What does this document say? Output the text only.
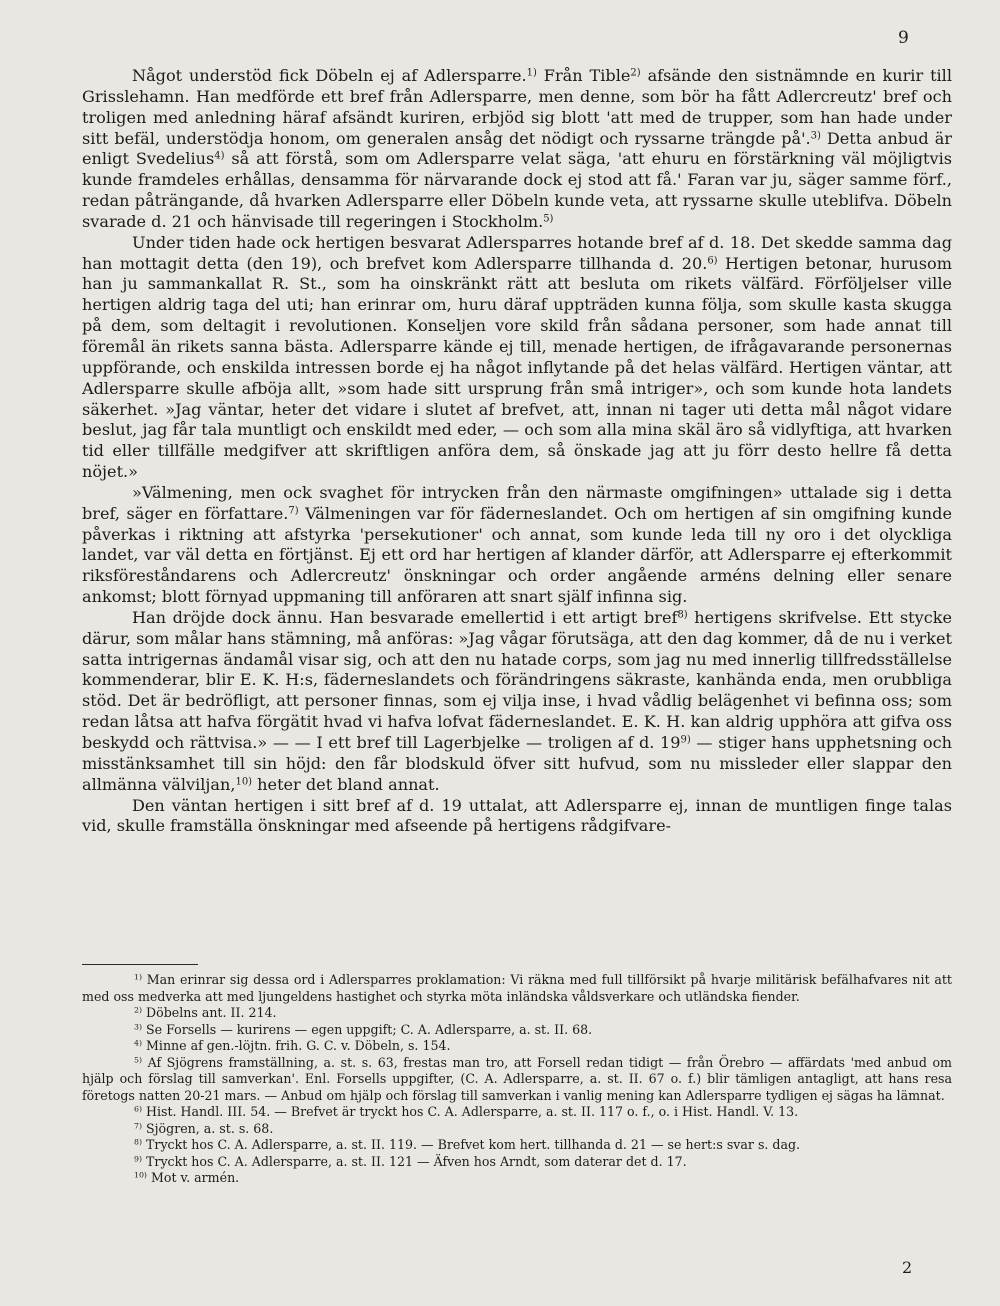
9

Något understöd fick Döbeln ej af Adlersparre.$^{1)}$ Från Tible$^{2)}$ afsände den sistnämnde en kurir till Grisslehamn. Han medförde ett bref från Adlersparre, men denne, som bör ha fått Adlercreutz' bref och troligen med anledning häraf afsändt kuriren, erbjöd sig blott 'att med de trupper, som han hade under sitt befäl, understödja honom, om generalen ansåg det nödigt och ryssarne trängde på'.$^{3)}$ Detta anbud är enligt Svedelius$^{4)}$ så att förstå, som om Adlersparre velat säga, 'att ehuru en förstärkning väl möjligtvis kunde framdeles erhållas, densamma för närvarande dock ej stod att få.' Faran var ju, säger samme förf., redan påträngande, då hvarken Adlersparre eller Döbeln kunde veta, att ryssarne skulle uteblifva. Döbeln svarade d. 21 och hänvisade till regeringen i Stockholm.$^{5)}$

Under tiden hade ock hertigen besvarat Adlersparres hotande bref af d. 18. Det skedde samma dag han mottagit detta (den 19), och brefvet kom Adlersparre tillhanda d. 20.$^{6)}$ Hertigen betonar, hurusom han ju sammankallat R. St., som ha oinskränkt rätt att besluta om rikets välfärd. Förföljelser ville hertigen aldrig taga del uti; han erinrar om, huru däraf uppträden kunna följa, som skulle kasta skugga på dem, som deltagit i revolutionen. Konseljen vore skild från sådana personer, som hade annat till föremål än rikets sanna bästa. Adlersparre kände ej till, menade hertigen, de ifrågavarande personernas uppförande, och enskilda intressen borde ej ha något inflytande på det helas välfärd. Hertigen väntar, att Adlersparre skulle afböja allt, »som hade sitt ursprung från små intriger», och som kunde hota landets säkerhet. »Jag väntar, heter det vidare i slutet af brefvet, att, innan ni tager uti detta mål något vidare beslut, jag får tala muntligt och enskildt med eder, — och som alla mina skäl äro så vidlyftiga, att hvarken tid eller tillfälle medgifver att skriftligen anföra dem, så önskade jag att ju förr desto hellre få detta nöjet.»

»Välmening, men ock svaghet för intrycken från den närmaste omgifningen» uttalade sig i detta bref, säger en författare.$^{7)}$ Välmeningen var för fäderneslandet. Och om hertigen af sin omgifning kunde påverkas i riktning att afstyrka 'persekutioner' och annat, som kunde leda till ny oro i det olyckliga landet, var väl detta en förtjänst. Ej ett ord har hertigen af klander därför, att Adlersparre ej efterkommit riksföreståndarens och Adlercreutz' önskningar och order angående arméns delning eller senare ankomst; blott förnyad uppmaning till anföraren att snart själf infinna sig.

Han dröjde dock ännu. Han besvarade emellertid i ett artigt bref$^{8)}$ hertigens skrifvelse. Ett stycke därur, som målar hans stämning, må anföras: »Jag vågar förutsäga, att den dag kommer, då de nu i verket satta intrigernas ändamål visar sig, och att den nu hatade corps, som jag nu med innerlig tillfredsställelse kommenderar, blir E. K. H:s, fäderneslandets och förändringens säkraste, kanhända enda, men orubbliga stöd. Det är bedröfligt, att personer finnas, som ej vilja inse, i hvad vådlig belägenhet vi befinna oss; som redan låtsa att hafva förgätit hvad vi hafva lofvat fäderneslandet. E. K. H. kan aldrig upphöra att gifva oss beskydd och rättvisa.» — — I ett bref till Lagerbjelke — troligen af d. 19$^{9)}$ — stiger hans upphetsning och misstänksamhet till sin höjd: den får blodskuld öfver sitt hufvud, som nu missleder eller slappar den allmänna välviljan,$^{10)}$ heter det bland annat.

Den väntan hertigen i sitt bref af d. 19 uttalat, att Adlersparre ej, innan de muntligen finge talas vid, skulle framställa önskningar med afseende på hertigens rådgifvare-

$^{1)}$ Man erinrar sig dessa ord i Adlersparres proklamation: Vi räkna med full tillförsikt på hvarje militärisk befälhafvares nit att med oss medverka att med ljungeldens hastighet och styrka möta inländska våldsverkare och utländska fiender.

$^{2)}$ Döbelns ant. II. 214.

$^{3)}$ Se Forsells — kurirens — egen uppgift; C. A. Adlersparre, a. st. II. 68.

$^{4)}$ Minne af gen.-löjtn. frih. G. C. v. Döbeln, s. 154.

$^{5)}$ Af Sjögrens framställning, a. st. s. 63, frestas man tro, att Forsell redan tidigt — från Örebro — affärdats 'med anbud om hjälp och förslag till samverkan'. Enl. Forsells uppgifter, (C. A. Adlersparre, a. st. II. 67 o. f.) blir tämligen antagligt, att hans resa företogs natten 20-21 mars. — Anbud om hjälp och förslag till samverkan i vanlig mening kan Adlersparre tydligen ej sägas ha lämnat.

$^{6)}$ Hist. Handl. III. 54. — Brefvet är tryckt hos C. A. Adlersparre, a. st. II. 117 o. f., o. i Hist. Handl. V. 13.

$^{7)}$ Sjögren, a. st. s. 68.

$^{8)}$ Tryckt hos C. A. Adlersparre, a. st. II. 119. — Brefvet kom hert. tillhanda d. 21 — se hert:s svar s. dag.

$^{9)}$ Tryckt hos C. A. Adlersparre, a. st. II. 121 — Äfven hos Arndt, som daterar det d. 17.

$^{10)}$ Mot v. armén.

2
